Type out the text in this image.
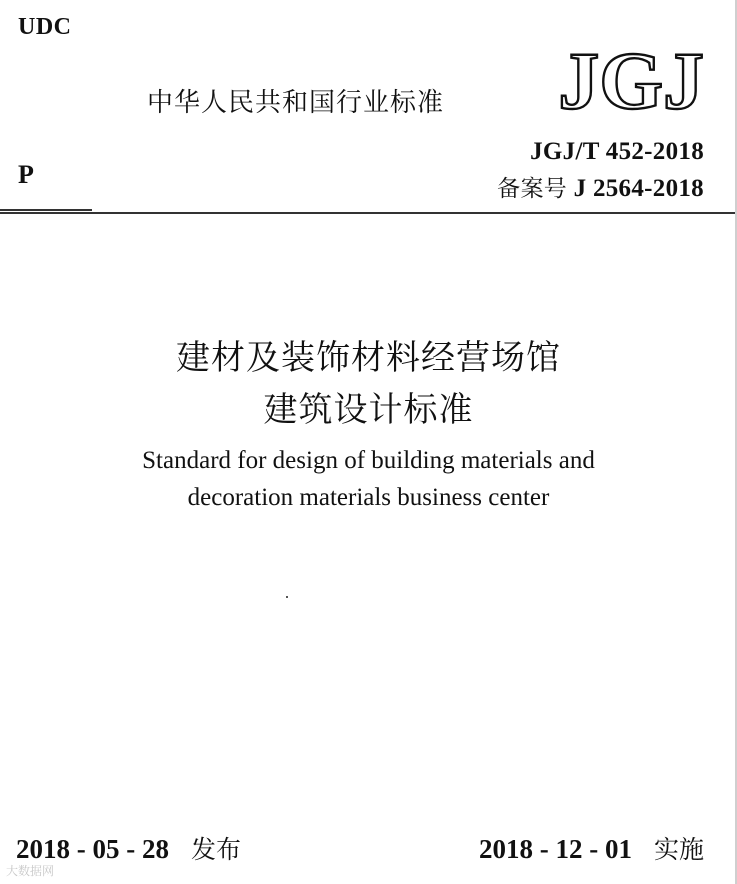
UDC
中华人民共和国行业标准 JGJ
JGJ/T 452-2018
P	备案号 J 2564-2018
建材及装饰材料经营场馆
建筑设计标准
Standard for design of building materials and
decoration materials business center
2018 - 05 - 28 发布	2018 - 12 - 01 实施
大数据网
